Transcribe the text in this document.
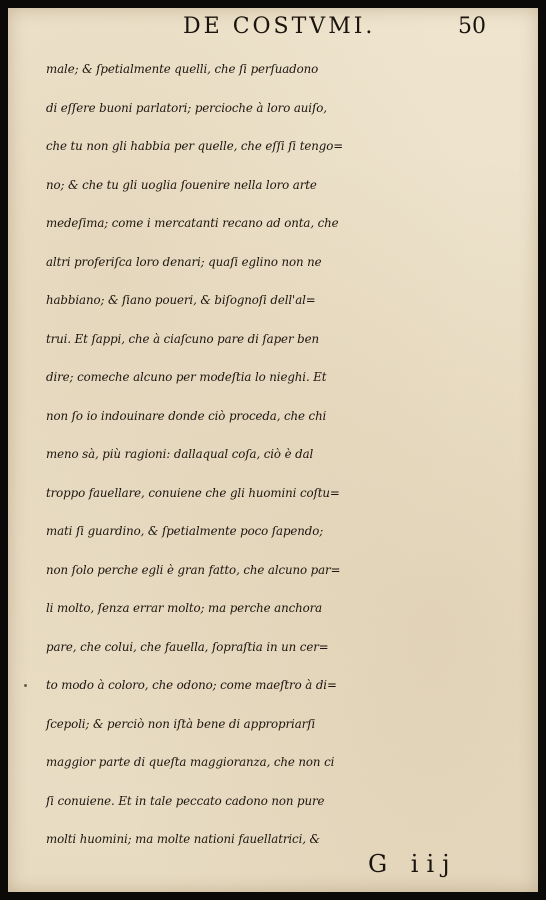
DE COSTVMI.	50
male; & ſpetialmente quelli, che ſi perſuadono
di eſſere buoni parlatori; percioche à loro auiſo,
che tu non gli habbia per quelle, che eſſi ſi tengo=
no; & che tu gli uoglia ſouenire nella loro arte
medeſima; come i mercatanti recano ad onta, che
altri proferiſca loro denari; quaſi eglino non ne
habbiano; & ſiano poueri, & biſognoſi dell'al=
trui. Et ſappi, che à ciaſcuno pare di ſaper ben
dire; comeche alcuno per modeſtia lo nieghi. Et
non ſo io indouinare donde ciò proceda, che chi
meno sà, più ragioni: dallaqual coſa, ciò è dal
troppo fauellare, conuiene che gli huomini coſtu=
mati ſi guardino, & ſpetialmente poco ſapendo;
non ſolo perche egli è gran fatto, che alcuno par=
li molto, ſenza errar molto; ma perche anchora
pare, che colui, che fauella, ſopraſtia in un cer=
to modo à coloro, che odono; come maeſtro à di=
ſcepoli; & perciò non iſtà bene di appropriarſi
maggior parte di queſta maggioranza, che non ci
ſi conuiene. Et in tale peccato cadono non pure
molti huomini; ma molte nationi fauellatrici, &
G iij
